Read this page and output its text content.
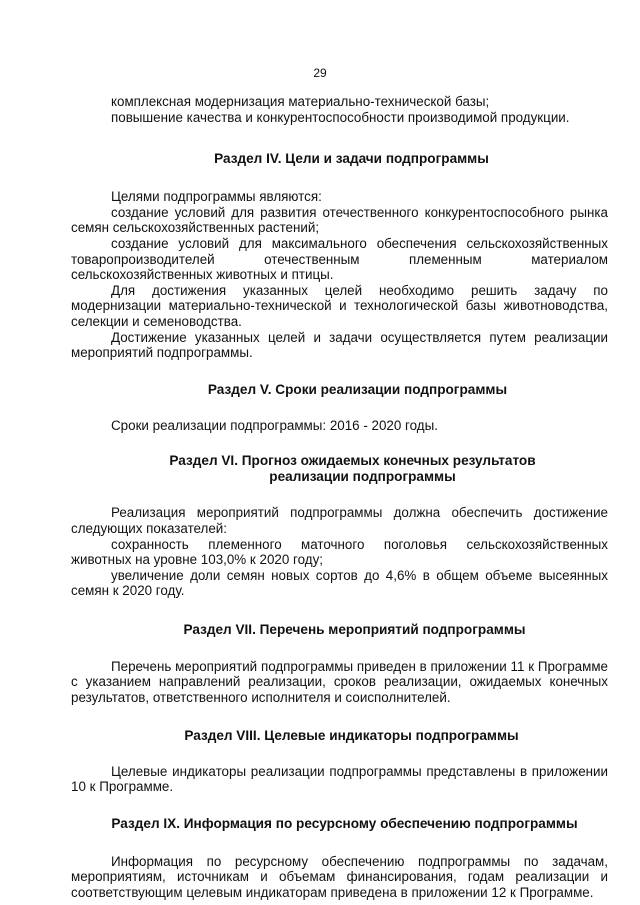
29

комплексная модернизация материально-технической базы;

повышение качества и конкурентоспособности производимой продукции.

Раздел IV. Цели и задачи подпрограммы

Целями подпрограммы являются:

создание условий для развития отечественного конкурентоспособного рынка семян сельскохозяйственных растений;

создание условий для максимального обеспечения сельскохозяйственных товаропроизводителей отечественным племенным материалом сельскохозяйственных животных и птицы.

Для достижения указанных целей необходимо решить задачу по модернизации материально-технической и технологической базы животноводства, селекции и семеноводства.

Достижение указанных целей и задачи осуществляется путем реализации мероприятий подпрограммы.

Раздел V. Сроки реализации подпрограммы

Сроки реализации подпрограммы: 2016 - 2020 годы.

Раздел VI. Прогноз ожидаемых конечных результатов
реализации подпрограммы

Реализация мероприятий подпрограммы должна обеспечить достижение следующих показателей:

сохранность племенного маточного поголовья сельскохозяйственных животных на уровне 103,0% к 2020 году;

увеличение доли семян новых сортов до 4,6% в общем объеме высеянных семян к 2020 году.

Раздел VII. Перечень мероприятий подпрограммы

Перечень мероприятий подпрограммы приведен в приложении 11 к Программе с указанием направлений реализации, сроков реализации, ожидаемых конечных результатов, ответственного исполнителя и соисполнителей.

Раздел VIII. Целевые индикаторы подпрограммы

Целевые индикаторы реализации подпрограммы представлены в приложении 10 к Программе.

Раздел IX. Информация по ресурсному обеспечению подпрограммы

Информация по ресурсному обеспечению подпрограммы по задачам, мероприятиям, источникам и объемам финансирования, годам реализации и соответствующим целевым индикаторам приведена в приложении 12 к Программе.
